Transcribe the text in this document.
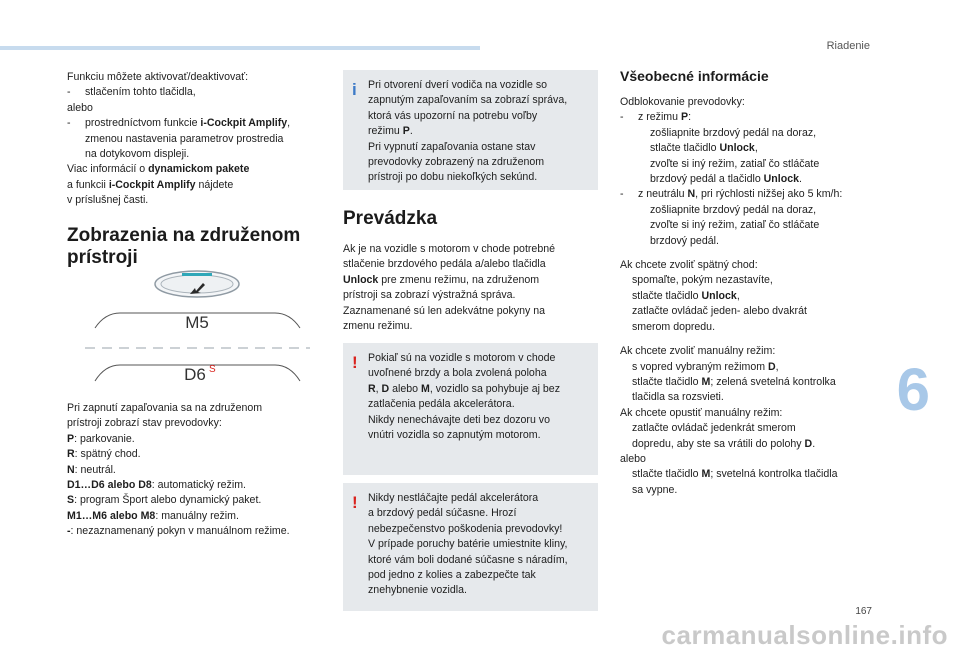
Riadenie

Funkciu môžete aktivovať/deaktivovať:

-	stlačením tohto tlačidla,

alebo

-	prostredníctvom funkcie i-Cockpit Amplify,

zmenou nastavenia parametrov prostredia

na dotykovom displeji.

Viac informácií o dynamickom pakete

a funkcii i-Cockpit Amplify nájdete

v príslušnej časti.

Zobrazenia na združenom prístroji
M5
D6 S

Pri zapnutí zapaľovania sa na združenom

prístroji zobrazí stav prevodovky:

P: parkovanie.

R: spätný chod.

N: neutrál.

D1…D6 alebo D8: automatický režim.

S: program Šport alebo dynamický paket.

M1…M6 alebo M8: manuálny režim.

-: nezaznamenaný pokyn v manuálnom režime.

i Pri otvorení dverí vodiča na vozidle so

zapnutým zapaľovaním sa zobrazí správa,

ktorá vás upozorní na potrebu voľby

režimu P.

Pri vypnutí zapaľovania ostane stav

prevodovky zobrazený na združenom

prístroji po dobu niekoľkých sekúnd.

Prevádzka

Ak je na vozidle s motorom v chode potrebné

stlačenie brzdového pedála a/alebo tlačidla

Unlock pre zmenu režimu, na združenom

prístroji sa zobrazí výstražná správa.

Zaznamenané sú len adekvátne pokyny na

zmenu režimu.

! Pokiaľ sú na vozidle s motorom v chode

uvoľnené brzdy a bola zvolená poloha

R, D alebo M, vozidlo sa pohybuje aj bez

zatlačenia pedála akcelerátora.

Nikdy nenechávajte deti bez dozoru vo

vnútri vozidla so zapnutým motorom.

! Nikdy nestláčajte pedál akcelerátora

a brzdový pedál súčasne. Hrozí

nebezpečenstvo poškodenia prevodovky!

V prípade poruchy batérie umiestnite kliny,

ktoré vám boli dodané súčasne s náradím,

pod jedno z kolies a zabezpečte tak

znehybnenie vozidla.

Všeobecné informácie

Odblokovanie prevodovky:

-	z režimu P:
zošliapnite brzdový pedál na doraz,
stlačte tlačidlo Unlock,
zvoľte si iný režim, zatiaľ čo stláčate

brzdový pedál a tlačidlo Unlock.

-	z neutrálu N, pri rýchlosti nižšej ako 5 km/h:
zošliapnite brzdový pedál na doraz,
zvoľte si iný režim, zatiaľ čo stláčate

brzdový pedál.

Ak chcete zvoliť spätný chod:

spomaľte, pokým nezastavíte,
stlačte tlačidlo Unlock,
zatlačte ovládač jeden- alebo dvakrát

smerom dopredu.

Ak chcete zvoliť manuálny režim:

s vopred vybraným režimom D,
stlačte tlačidlo M; zelená svetelná kontrolka

tlačidla sa rozsvieti.

Ak chcete opustiť manuálny režim:

zatlačte ovládač jedenkrát smerom

dopredu, aby ste sa vrátili do polohy D.

alebo

stlačte tlačidlo M; svetelná kontrolka tlačidla

sa vypne.

6
167
carmanualsonline.info
